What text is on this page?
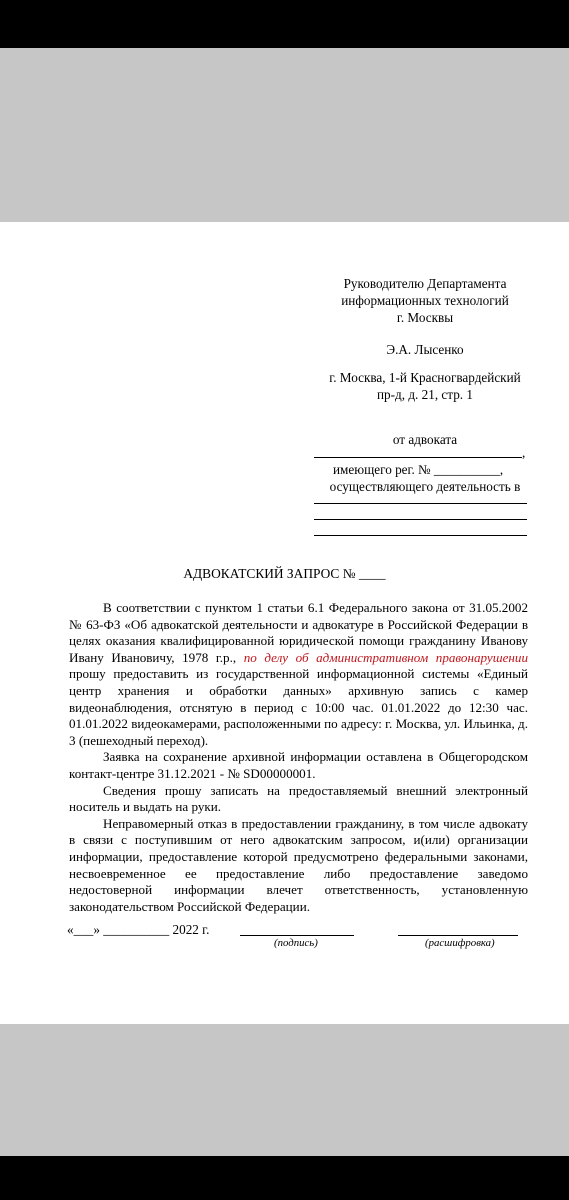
Руководителю Департамента
информационных технологий
г. Москвы
Э.А. Лысенко
г. Москва, 1-й Красногвардейский
пр-д, д. 21, стр. 1
от адвоката
,
имеющего рег. № __________,
осуществляющего деятельность в
АДВОКАТСКИЙ ЗАПРОС № ____

В соответствии с пунктом 1 статьи 6.1 Федерального закона от 31.05.2002 № 63-ФЗ «Об адвокатской деятельности и адвокатуре в Российской Федерации в целях оказания квалифицированной юридической помощи гражданину Иванову Ивану Ивановичу, 1978 г.р., по делу об административном правонарушении прошу предоставить из государственной информационной системы «Единый центр хранения и обработки данных» архивную запись с камер видеонаблюдения, отснятую в период с 10:00 час. 01.01.2022 до 12:30 час. 01.01.2022 видеокамерами, расположенными по адресу: г. Москва, ул. Ильинка, д. 3 (пешеходный переход).

Заявка на сохранение архивной информации оставлена в Общегородском контакт-центре 31.12.2021 - № SD00000001.

Сведения прошу записать на предоставляемый внешний электронный носитель и выдать на руки.

Неправомерный отказ в предоставлении гражданину, в том числе адвокату в связи с поступившим от него адвокатским запросом, и(или) организации информации, предоставление которой предусмотрено федеральными законами, несвоевременное ее предоставление либо предоставление заведомо недостоверной информации влечет ответственность, установленную законодательством Российской Федерации.

«___» __________ 2022 г.
(подпись)	(расшифровка)
